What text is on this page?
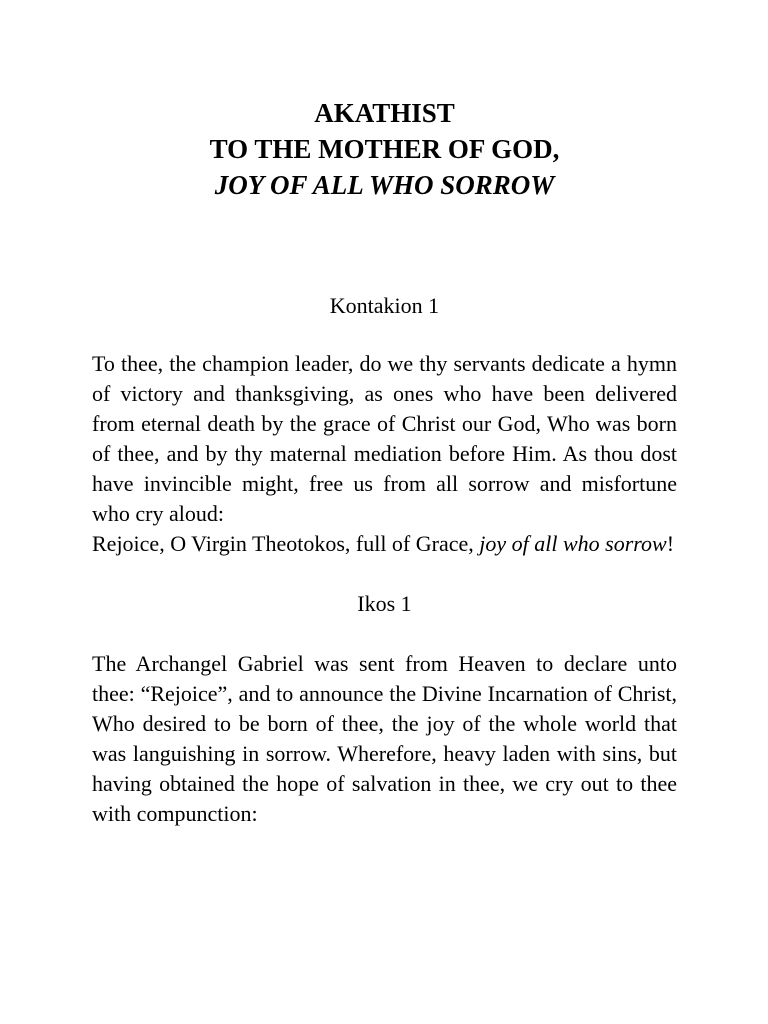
AKATHIST
TO THE MOTHER OF GOD,
JOY OF ALL WHO SORROW
Kontakion 1

To thee, the champion leader, do we thy servants dedicate a hymn of victory and thanksgiving, as ones who have been delivered from eternal death by the grace of Christ our God, Who was born of thee, and by thy maternal mediation before Him. As thou dost have invincible might, free us from all sorrow and misfortune who cry aloud:

Rejoice, O Virgin Theotokos, full of Grace, joy of all who sorrow!

Ikos 1

The Archangel Gabriel was sent from Heaven to declare unto thee: “Rejoice”, and to announce the Divine Incarnation of Christ, Who desired to be born of thee, the joy of the whole world that was languishing in sorrow. Wherefore, heavy laden with sins, but having obtained the hope of salvation in thee, we cry out to thee with compunction:
